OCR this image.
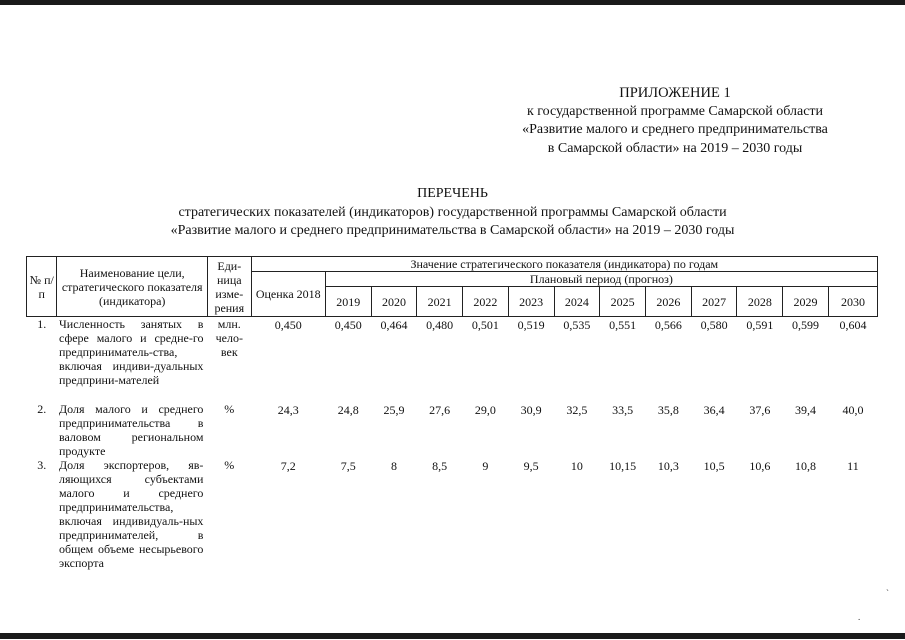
ПРИЛОЖЕНИЕ 1
к государственной программе Самарской области
«Развитие малого и среднего предпринимательства
в Самарской области» на 2019 – 2030 годы
ПЕРЕЧЕНЬ
стратегических показателей (индикаторов) государственной программы Самарской области
«Развитие малого и среднего предпринимательства в Самарской области» на 2019 – 2030 годы
№ п/п	Наименование цели, стратегического показателя (индикатора)	Еди-ница изме-рения	Значение стратегического показателя (индикатора) по годам												
			Оценка 2018	Плановый период (прогноз)											
				2019	2020	2021	2022	2023	2024	2025	2026	2027	2028	2029	2030
1.	Численность занятых в сфере малого и средне-го предприниматель-ства, включая индиви-дуальных предприни-мателей	млн. чело-век	0,450	0,450	0,464	0,480	0,501	0,519	0,535	0,551	0,566	0,580	0,591	0,599	0,604
2.	Доля малого и среднего предпринимательства в валовом региональном продукте	%	24,3	24,8	25,9	27,6	29,0	30,9	32,5	33,5	35,8	36,4	37,6	39,4	40,0
3.	Доля экспортеров, яв-ляющихся субъектами малого и среднего предпринимательства, включая индивидуаль-ных предпринимателей, в общем объеме несырьевого экспорта	%	7,2	7,5	8	8,5	9	9,5	10	10,15	10,3	10,5	10,6	10,8	11
`
.
